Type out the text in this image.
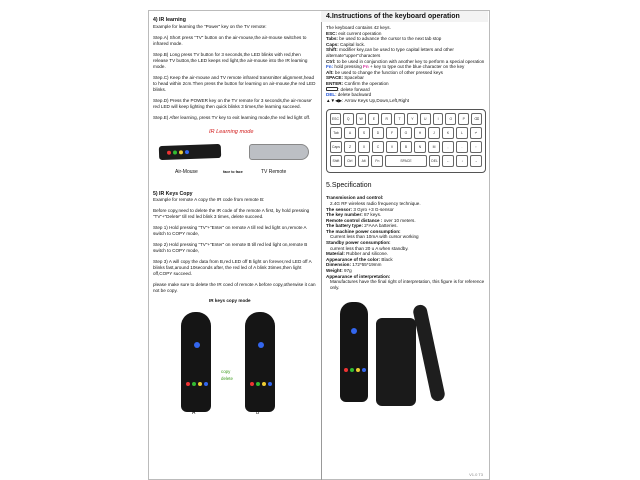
4) IR learning
Example for learning the “Power” key on the TV remote:
Step.A) Short press “TV” button on the air-mouse,the air-mouse switches to infrared mode.
Step.B) Long press TV button for 3 seconds,the LED blinks with red,then release TV button,the LED keeps red light,the air-mouse into the IR learning mode.
Step.C) Keep the air-mouse and TV remote infrared transmitter alignment,head to head within 2cm.Then press the button for learning on air-mouse,the red LED blinks.
Step.D) Press the POWER key on the TV remote for 3 seconds,the air-mouse’ red LED will keep lighting then quick blinks 3 times,the learning succeed.
Step.E) After learning, press TV key to exit learning mode,the red led light off.
IR Learning mode
Air-Mouse	face to face	TV Remote
5) IR Keys Copy
Example for remote A copy the IR code from remote B:
Before copy,need to delete the IR code of the remote A first, by hold pressing “TV”+“Delete” till red led blink 3 times, delete succeed.
Step 1) Hold pressing “TV”+“Enter” on remote A till red led light on,remote A switch to COPY mode,
Step 2) Hold pressing “TV”+“Enter” on remote B till red led light on,remote B switch to COPY mode,
Step 3) A will copy the data from B,red LED off B light on forever,red LED off A blinks fast,around 10seconds after, the red led of A blink 3times,then light off,COPY succeed.
please make sure to delete the IR coed of remote A before copy,otherwise it can not be copy.
IR keys copy mode
copy
delete
A	B
4.Instructions of the keyboard operation
The keyboard contains 42 keys.
ESC: exit current operation
Tabs: be used to advance the cursor to the next tab stop
Caps: Capital lock.
Shift: modifier key,can be used to type capital letters and other alternate"upper"characters
Ctrl: to be used in conjunction with another key to perform a special operation
Fn: hold pressing Fn + key to type out the blue character on the key
Alt: be used to change the function of other pressed keys
SPACE: Spacebar
ENTER: Confirm the operation
: delete forward
DEL: delete backward
▲▼◀▶: Arrow Keys Up,Down,Left,Right
ESC	Q	W	E	R	T	Y	U	I	O	P	⌫
Tab	A	S	D	F	G	H	J	K	L	↵
Caps	Z	X	C	V	B	N	M	,	.	↑
Shift	Ctrl	Alt	Fn	SPACE	DEL	←	↓	→
5.Specification
Transmission and control:
2.4G RF wireless radio frequency technique.
The sensor: 3 Gyro +3 G-sensor
The key number: 87 keys.
Remote control distance : over 10 meters.
The battery type: 2*AAA batteries.
The machine power consumption:
Current less than 10mA with cursor working
Standby power consumption:
current less than 20 u A when standby.
Material: Rubber and silicone.
Appearance of the color: Black
Dimension: 172*55*19mm
Weight: 97g
Appearance of interpretation:
Manufactures have the final right of interpretation, this figure is for reference only.
V1.0 T3
